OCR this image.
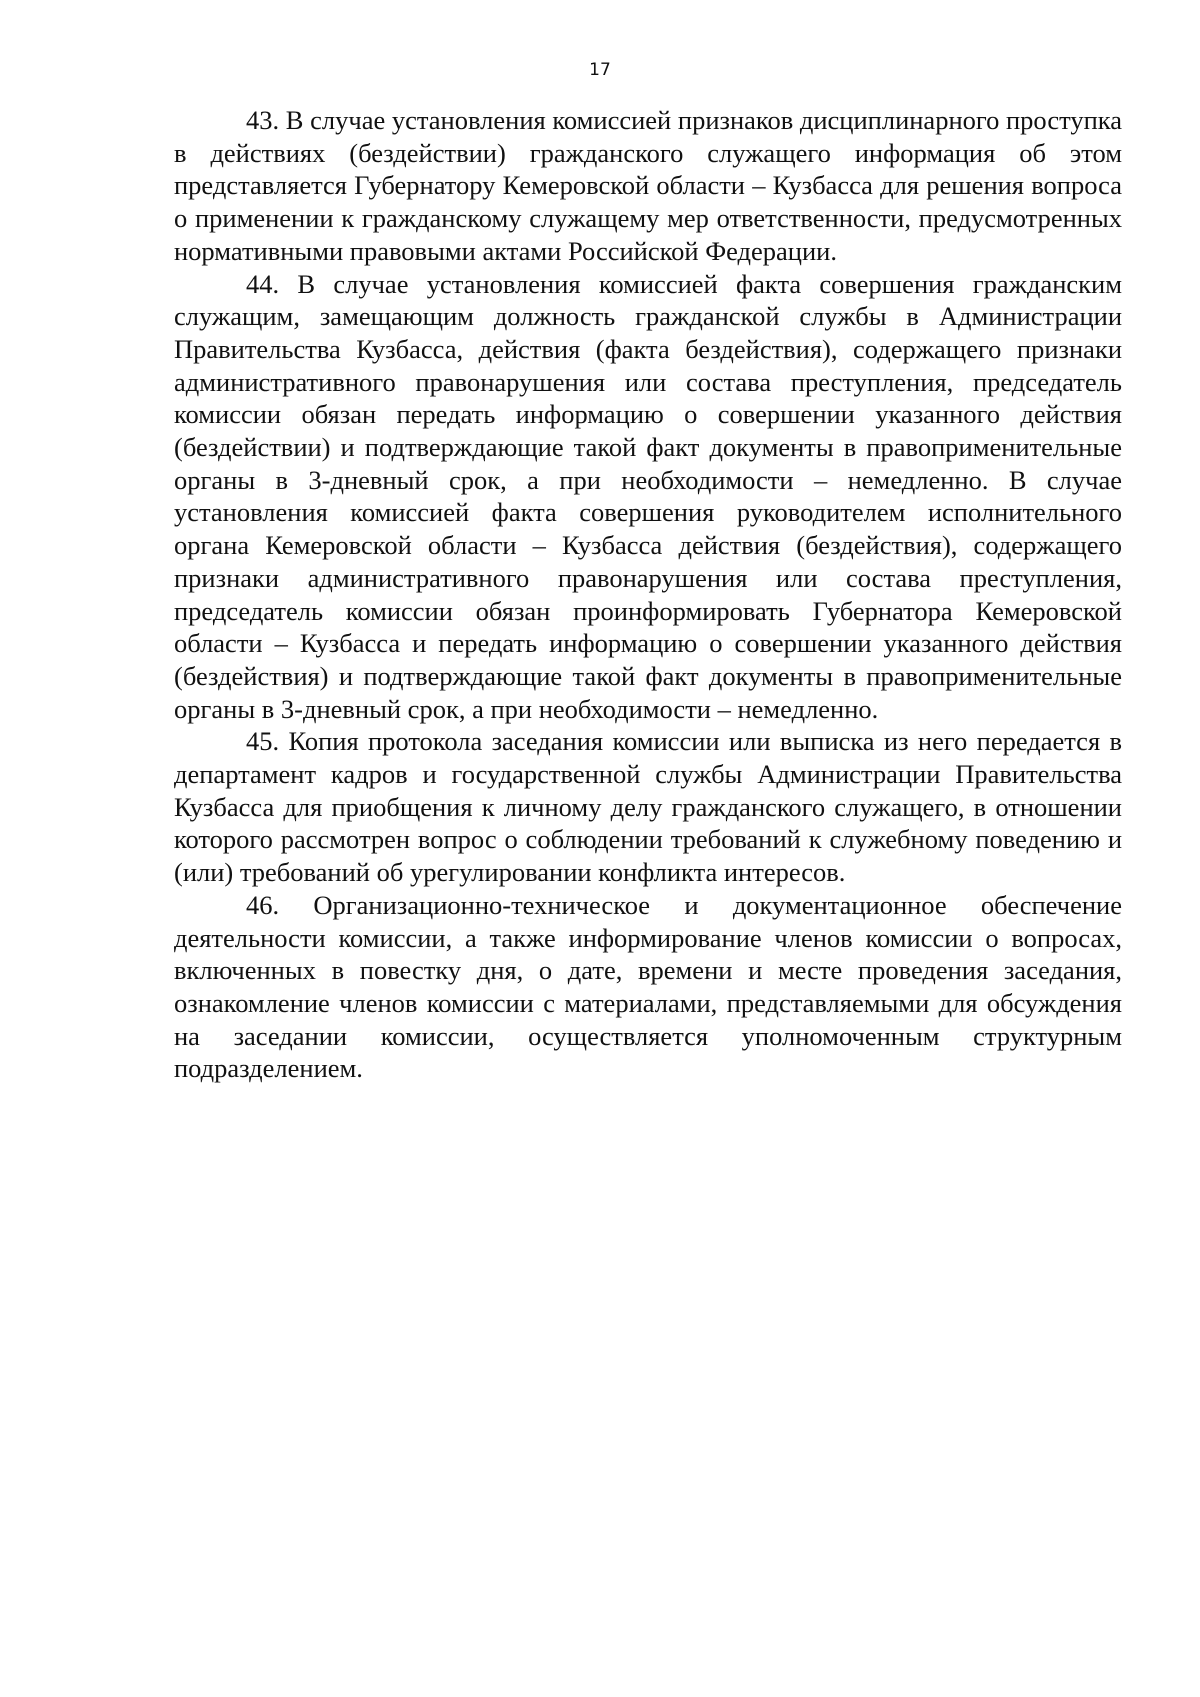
17

43. В случае установления комиссией признаков дисциплинарного проступка в действиях (бездействии) гражданского служащего информация об этом представляется Губернатору Кемеровской области – Кузбасса для решения вопроса о применении к гражданскому служащему мер ответственности, предусмотренных нормативными правовыми актами Российской Федерации.

44. В случае установления комиссией факта совершения гражданским служащим, замещающим должность гражданской службы в Администрации Правительства Кузбасса, действия (факта бездействия), содержащего признаки административного правонарушения или состава преступления, председатель комиссии обязан передать информацию о совершении указанного действия (бездействии) и подтверждающие такой факт документы в правоприменительные органы в 3-дневный срок, а при необходимости – немедленно. В случае установления комиссией факта совершения руководителем исполнительного органа Кемеровской области – Кузбасса действия (бездействия), содержащего признаки административного правонарушения или состава преступления, председатель комиссии обязан проинформировать Губернатора Кемеровской области – Кузбасса и передать информацию о совершении указанного действия (бездействия) и подтверждающие такой факт документы в правоприменительные органы в 3-дневный срок, а при необходимости – немедленно.

45. Копия протокола заседания комиссии или выписка из него передается в департамент кадров и государственной службы Администрации Правительства Кузбасса для приобщения к личному делу гражданского служащего, в отношении которого рассмотрен вопрос о соблюдении требований к служебному поведению и (или) требований об урегулировании конфликта интересов.

46. Организационно-техническое и документационное обеспечение деятельности комиссии, а также информирование членов комиссии о вопросах, включенных в повестку дня, о дате, времени и месте проведения заседания, ознакомление членов комиссии с материалами, представляемыми для обсуждения на заседании комиссии, осуществляется уполномоченным структурным подразделением.
